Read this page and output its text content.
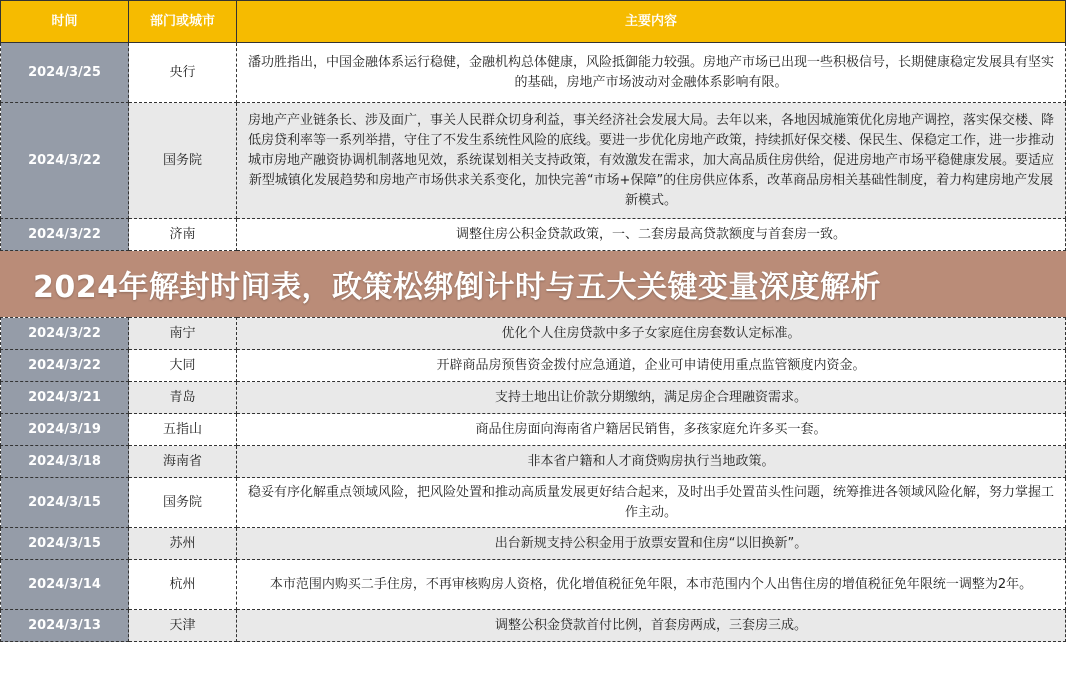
时间	部门或城市	主要内容
2024/3/25	央行	潘功胜指出，中国金融体系运行稳健，金融机构总体健康，风险抵御能力较强。房地产市场已出现一些积极信号，长期健康稳定发展具有坚实的基础，房地产市场波动对金融体系影响有限。
2024/3/22	国务院	房地产产业链条长、涉及面广，事关人民群众切身利益，事关经济社会发展大局。去年以来，各地因城施策优化房地产调控，落实保交楼、降低房贷利率等一系列举措，守住了不发生系统性风险的底线。要进一步优化房地产政策，持续抓好保交楼、保民生、保稳定工作，进一步推动城市房地产融资协调机制落地见效，系统谋划相关支持政策，有效激发在需求，加大高品质住房供给，促进房地产市场平稳健康发展。要适应新型城镇化发展趋势和房地产市场供求关系变化，加快完善“市场+保障”的住房供应体系，改革商品房相关基础性制度，着力构建房地产发展新模式。
2024/3/22	济南	调整住房公积金贷款政策，一、二套房最高贷款额度与首套房一致。
2024年解封时间表，政策松绑倒计时与五大关键变量深度解析
2024/3/22	南宁	优化个人住房贷款中多子女家庭住房套数认定标准。
2024/3/22	大同	开辟商品房预售资金拨付应急通道，企业可申请使用重点监管额度内资金。
2024/3/21	青岛	支持土地出让价款分期缴纳，满足房企合理融资需求。
2024/3/19	五指山	商品住房面向海南省户籍居民销售，多孩家庭允许多买一套。
2024/3/18	海南省	非本省户籍和人才商贷购房执行当地政策。
2024/3/15	国务院	稳妥有序化解重点领域风险，把风险处置和推动高质量发展更好结合起来，及时出手处置苗头性问题，统筹推进各领域风险化解，努力掌握工作主动。
2024/3/15	苏州	出台新规支持公积金用于放票安置和住房“以旧换新”。
2024/3/14	杭州	本市范围内购买二手住房，不再审核购房人资格，优化增值税征免年限，本市范围内个人出售住房的增值税征免年限统一调整为2年。
2024/3/13	天津	调整公积金贷款首付比例，首套房两成，三套房三成。
